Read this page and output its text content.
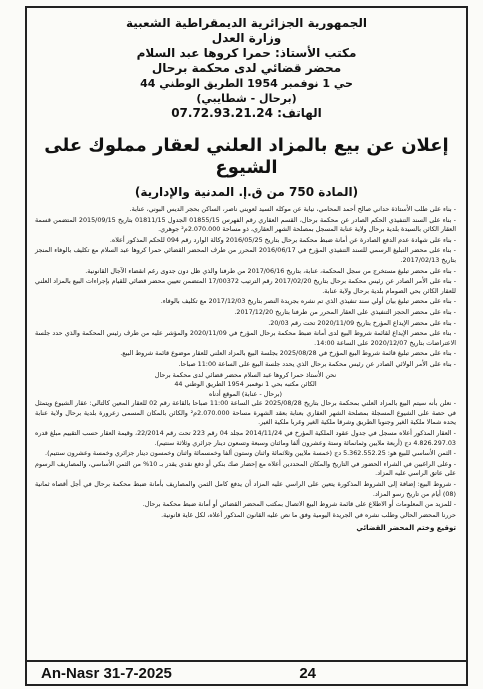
الجمهورية الجزائرية الديمقراطية الشعبية
وزارة العدل
مكتب الأستاذ: حمرا كروها عبد السلام
محضر قضائي لدى محكمة برحال
حي 1 نوفمبر 1954 الطريق الوطني 44
(برحال - شطايبي)
الهاتف: 07.72.93.21.24
إعلان عن بيع بالمزاد العلني لعقار مملوك على الشيوع
(المادة 750 من ق.إ. المدنية والإدارية)

- بناء على طلب الأستاذة حداني صالح أحمد المحامي، نيابة عن موكله السيد لعويني ناصر، الساكن بحجر الديس البوني، عنابة.

- بناء على السند التنفيذي الحكم الصادر عن محكمة برحال، القسم العقاري رقم الفهرس 01855/15 الجدول 01811/15 بتاريخ 2015/09/15 المتضمن قسمة العقار الكائن بالسيدة بلدية برحال ولاية عنابة المسجل بمصلحة الشهر العقاري، ذو مساحة 2.070.000م² جوهري.

- بناء على شهادة عدم الدفع الصادرة عن أمانة ضبط محكمة برحال بتاريخ 2016/05/25 وكالة الوارد رقم 094 للحكم المذكور أعلاه.

- بناء على محضر التبليغ الرسمي للسند التنفيذي المؤرخ في 2016/06/17 المحرر من طرف المحضر القضائي حمرا كروها عبد السلام مع تكليف بالوفاء المنجز بتاريخ 2017/02/13.

- بناء على محضر تبليغ مستخرج من سجل المحكمة، عنابة، بتاريخ 2017/06/16 من طرفنا والذي ظل دون جدوى رغم انقضاء الآجال القانونية.

- بناء على الأمر الصادر عن رئيس محكمة برحال بتاريخ 2017/02/20 رقم الترتيب 17/00372 المتضمن تعيين محضر قضائي للقيام بإجراءات البيع بالمزاد العلني للعقار الكائن بحي الصومام بلدية برحال ولاية عنابة.

- بناء على محضر تبليغ بيان أولي سند تنفيذي الذي تم نشره بجريدة النصر بتاريخ 2017/12/03 مع تكليف بالوفاء.

- بناء على محضر الحجز التنفيذي على العقار المحرر من طرفنا بتاريخ 2017/12/20.

- بناء على محضر الإيداع المؤرخ بتاريخ 2020/11/09 تحت رقم 20/03.

- بناء على محضر الإيداع لقائمة شروط البيع لدى أمانة ضبط محكمة برحال المؤرخ في 2020/11/09 والمؤشر عليه من طرف رئيس المحكمة والذي حدد جلسة الاعتراضات بتاريخ 2020/12/07 على الساعة 14:00.

- بناء على محضر تبليغ قائمة شروط البيع المؤرخ في 2025/08/28 بجلسة البيع بالمزاد العلني للعقار موضوع قائمة شروط البيع.

- بناء على الأمر الولائي الصادر عن رئيس محكمة برحال الذي يحدد جلسة البيع على الساعة 11:00 صباحا.

نحن الأستاذ حمرا كروها عبد السلام محضر قضائي لدى محكمة برحال
الكائن مكتبه بحي 1 نوفمبر 1954 الطريق الوطني 44
(برحال - عنابة) الموقع أدناه

- نعلن بأنه سيتم البيع بالمزاد العلني بمحكمة برحال بتاريخ 2025/08/28 على الساعة 11:00 صباحا بالقاعة رقم 02 للعقار المعين كالتالي: عقار الشيوع ويتمثل في حصة على الشيوع المسجلة بمصلحة الشهر العقاري بعنابة بعقد الشهرة مساحة 2.070.000م² والكائن بالمكان المسمى زعرورة بلدية برحال ولاية عنابة يحده شمالا ملكية الغير وجنوبا الطريق وشرقا ملكية الغير وغربا ملكية الغير.

- العقار المذكور أعلاه مسجل في جدول عقود الملكية المؤرخ في 2014/11/24 مجلد 04 رقم 223 تحت رقم 22/2014، وقيمة العقار حسب التقييم مبلغ قدره 4.826.297.03 دج (أربعة ملايين وثمانمائة وستة وعشرون ألفا ومائتان وسبعة وتسعون دينار جزائري وثلاثة سنتيم).

- الثمن الأساسي للبيع هو: 5.362.552.25 دج (خمسة ملايين وثلاثمائة واثنان وستون ألفا وخمسمائة واثنان وخمسون دينار جزائري وخمسة وعشرون سنتيم).

- وعلى الراغبين في الشراء الحضور في التاريخ والمكان المحددين أعلاه مع إحضار صك بنكي أو دفع نقدي يقدر بـ 10% من الثمن الأساسي، والمصاريف الرسوم على عاتق الراسي عليه المزاد.

- شروط البيع: إضافة إلى الشروط المذكورة يتعين على الراسي عليه المزاد أن يدفع كامل الثمن والمصاريف بأمانة ضبط محكمة برحال في أجل أقصاه ثمانية (08) أيام من تاريخ رسو المزاد.

- للمزيد من المعلومات أو الاطلاع على قائمة شروط البيع الاتصال بمكتب المحضر القضائي أو أمانة ضبط محكمة برحال.

حررنا المحضر الحالي وطلب نشره في الجريدة اليومية وفق ما نص عليه القانون المذكور أعلاه، لكل غاية قانونية.

توقيع وختم المحضر القضائي
An-Nasr 31-7-2025	24
